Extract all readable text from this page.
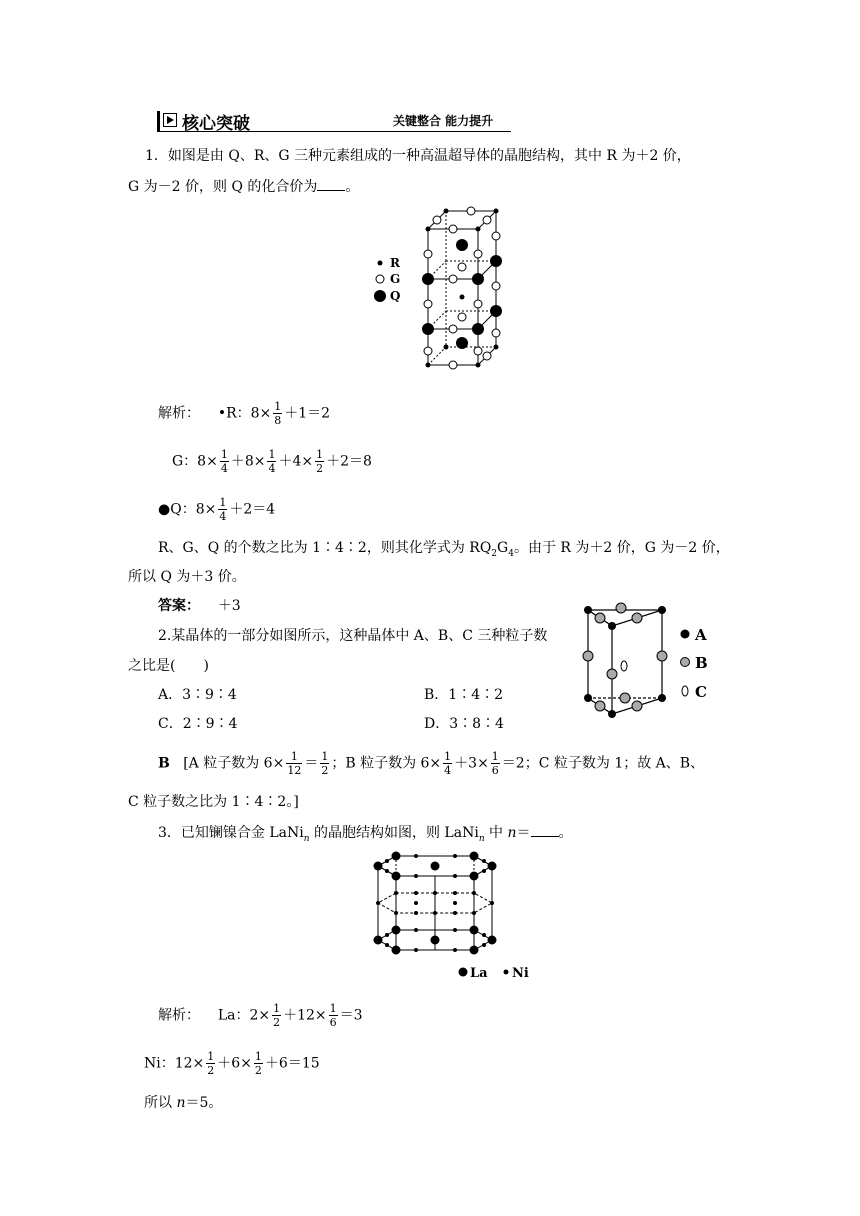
核心突破	关键整合 能力提升
1．如图是由 Q、R、G 三种元素组成的一种高温超导体的晶胞结构，其中 R 为＋2 价，
G 为－2 价，则 Q 的化合价为 。
R
G
Q
解析： •R：$8\times \frac{1}{8} +1=2$
G：$8\times \frac{1}{4} +8\times \frac{1}{4} +4\times \frac{1}{2} +2=8$
●Q：$8\times \frac{1}{4} +2=4$
R、G、Q 的个数之比为 1∶4∶2，则其化学式为 $RQ_2G_4$。由于 R 为＋2 价，G 为－2 价，
所以 Q 为＋3 价。
答案： ＋3
2.某晶体的一部分如图所示，这种晶体中 A、B、C 三种粒子数
之比是(　　)
A．3∶9∶4	B．1∶4∶2
C．2∶9∶4	D．3∶8∶4
A
B
C
B [A 粒子数为 $6\times \frac{1}{12} = \frac{1}{2}$ ；B 粒子数为 $6\times \frac{1}{4} +3\times \frac{1}{6} =2$；C 粒子数为 1；故 A、B、
C 粒子数之比为 1∶4∶2。]
3．已知镧镍合金 LaNi$_n$ 的晶胞结构如图，则 LaNi$_n$ 中 n＝ 。
La Ni
解析： La：$2\times \frac{1}{2} +12\times \frac{1}{6} =3$
Ni：$12\times \frac{1}{2} +6\times \frac{1}{2} +6=15$
所以 n＝5。
